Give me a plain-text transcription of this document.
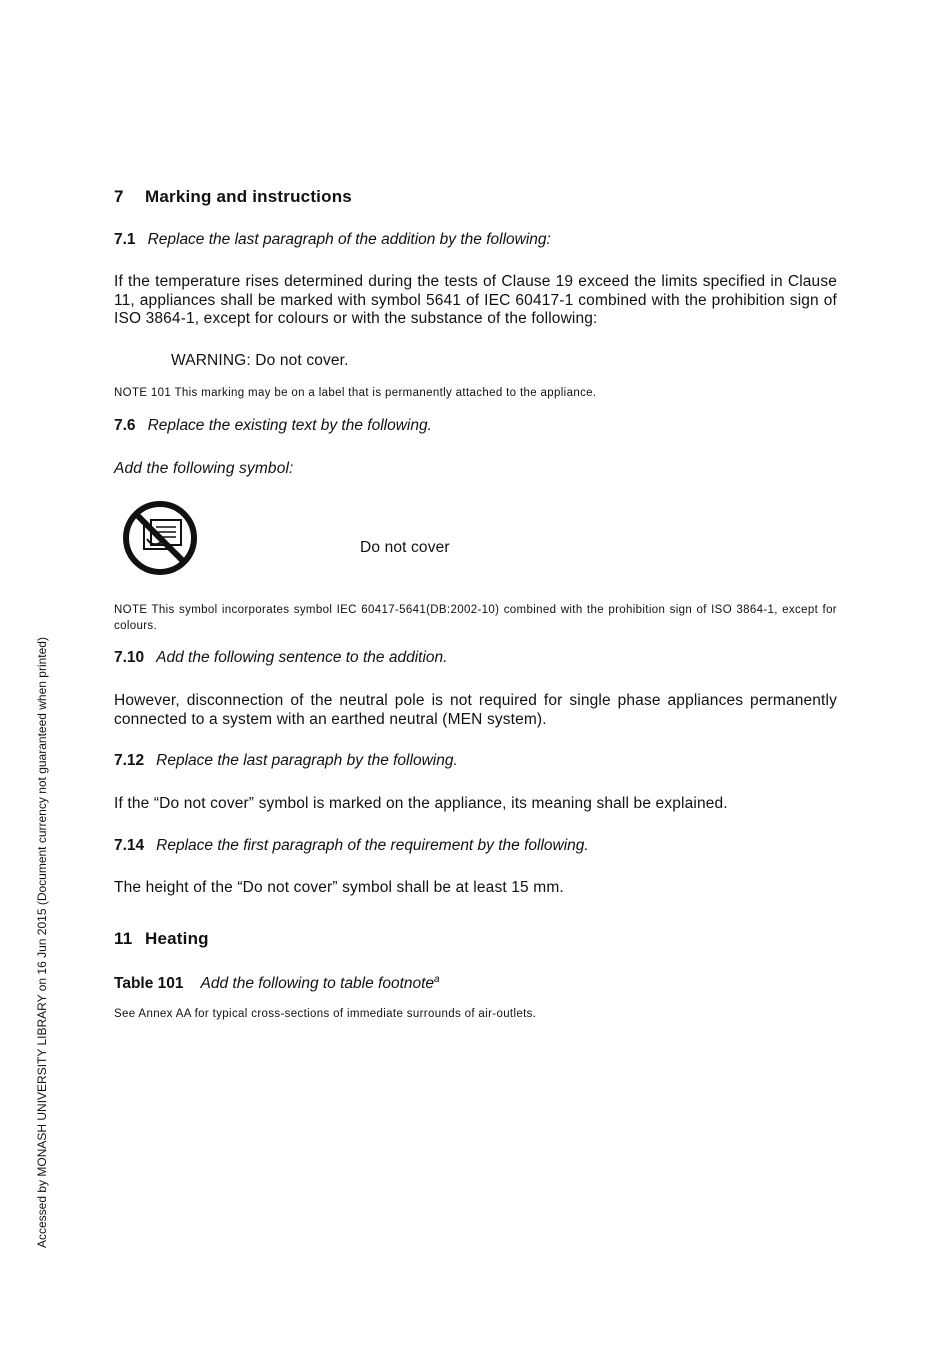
7 Marking and instructions
7.1 Replace the last paragraph of the addition by the following:
If the temperature rises determined during the tests of Clause 19 exceed the limits specified in Clause 11, appliances shall be marked with symbol 5641 of IEC 60417-1 combined with the prohibition sign of ISO 3864-1, except for colours or with the substance of the following:
WARNING: Do not cover.
NOTE 101 This marking may be on a label that is permanently attached to the appliance.
7.6 Replace the existing text by the following.
Add the following symbol:
Do not cover
NOTE This symbol incorporates symbol IEC 60417-5641(DB:2002-10) combined with the prohibition sign of ISO 3864-1, except for colours.
7.10 Add the following sentence to the addition.
However, disconnection of the neutral pole is not required for single phase appliances permanently connected to a system with an earthed neutral (MEN system).
7.12 Replace the last paragraph by the following.
If the “Do not cover” symbol is marked on the appliance, its meaning shall be explained.
7.14 Replace the first paragraph of the requirement by the following.
The height of the “Do not cover” symbol shall be at least 15 mm.
11 Heating
Table 101 Add the following to table footnote$^a$
See Annex AA for typical cross-sections of immediate surrounds of air-outlets.
Accessed by MONASH UNIVERSITY LIBRARY on 16 Jun 2015 (Document currency not guaranteed when printed)
